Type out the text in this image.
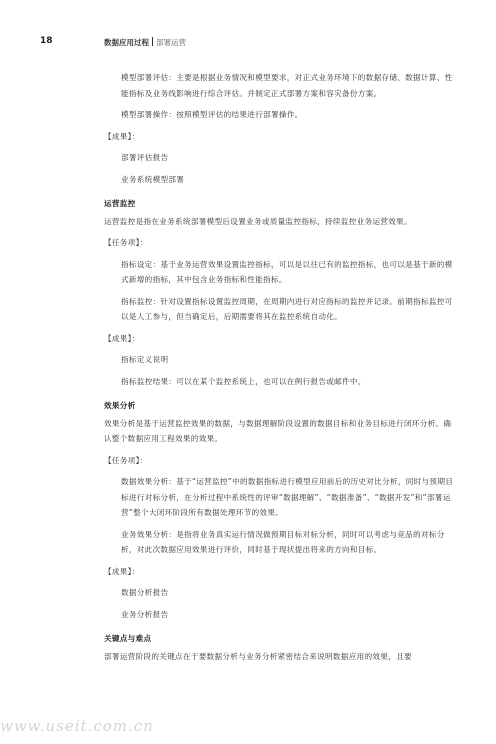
18	数据应用过程 部署运营
模型部署评估：主要是根据业务情况和模型要求，对正式业务环境下的数据存储、数据计算、性能指标及业务线影响进行综合评估。并制定正式部署方案和容灾备份方案。
模型部署操作：按照模型评估的结果进行部署操作。
【成果】：
部署评估报告
业务系统模型部署
运营监控
运营监控是指在业务系统部署模型后设置业务或质量监控指标，持续监控业务运营效果。
【任务项】：
指标设定：基于业务运营效果设置监控指标，可以是以往已有的监控指标，也可以是基于新的模式新增的指标，其中包含业务指标和性能指标。
指标监控：针对设置指标设置监控周期，在周期内进行对应指标的监控并记录。前期指标监控可以是人工参与，但当确定后，后期需要将其在监控系统自动化。
【成果】：
指标定义说明
指标监控结果：可以在某个监控系统上，也可以在例行报告或邮件中。
效果分析
效果分析是基于运营监控效果的数据，与数据理解阶段设置的数据目标和业务目标进行闭环分析。确认整个数据应用工程效果的效果。
【任务项】：
数据效果分析：基于“运营监控”中的数据指标进行模型应用前后的历史对比分析，同时与预期目标进行对标分析，在分析过程中系统性的评审“数据理解”、“数据准备”、“数据开发”和“部署运营”整个大闭环阶段所有数据处理环节的效果。
业务效果分析：是指将业务真实运行情况做预期目标对标分析，同时可以考虑与竞品的对标分析，对此次数据应用效果进行评价，同时基于现状提出将来的方向和目标。
【成果】：
数据分析报告
业务分析报告
关键点与难点
部署运营阶段的关键点在于要数据分析与业务分析紧密结合来说明数据应用的效果，且要
www.useit.com.cn
